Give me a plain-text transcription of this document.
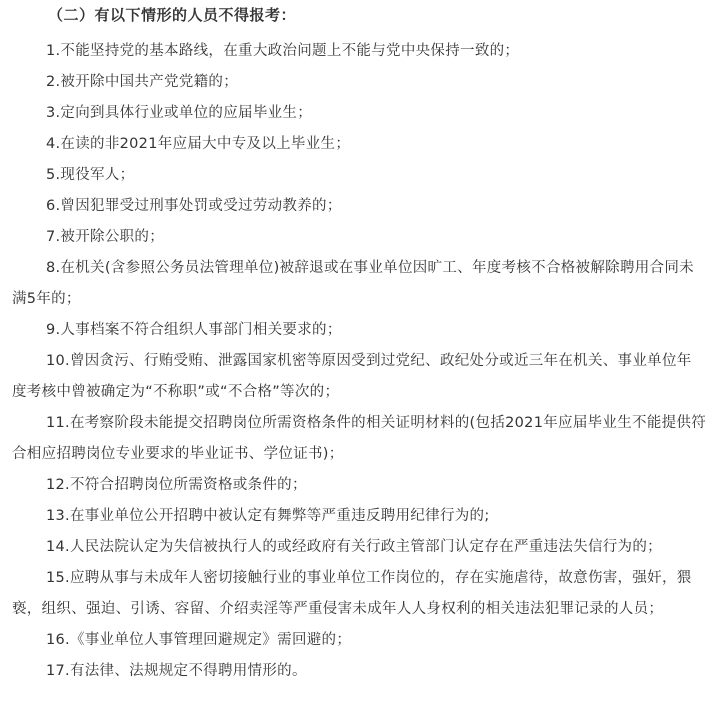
（二）有以下情形的人员不得报考：

1.不能坚持党的基本路线，在重大政治问题上不能与党中央保持一致的；

2.被开除中国共产党党籍的；

3.定向到具体行业或单位的应届毕业生；

4.在读的非2021年应届大中专及以上毕业生；

5.现役军人；

6.曾因犯罪受过刑事处罚或受过劳动教养的；

7.被开除公职的；

8.在机关(含参照公务员法管理单位)被辞退或在事业单位因旷工、年度考核不合格被解除聘用合同未满5年的；

9.人事档案不符合组织人事部门相关要求的；

10.曾因贪污、行贿受贿、泄露国家机密等原因受到过党纪、政纪处分或近三年在机关、事业单位年度考核中曾被确定为“不称职”或“不合格”等次的；

11.在考察阶段未能提交招聘岗位所需资格条件的相关证明材料的(包括2021年应届毕业生不能提供符合相应招聘岗位专业要求的毕业证书、学位证书)；

12.不符合招聘岗位所需资格或条件的；

13.在事业单位公开招聘中被认定有舞弊等严重违反聘用纪律行为的;

14.人民法院认定为失信被执行人的或经政府有关行政主管部门认定存在严重违法失信行为的；

15.应聘从事与未成年人密切接触行业的事业单位工作岗位的，存在实施虐待，故意伤害，强奸，猥亵，组织、强迫、引诱、容留、介绍卖淫等严重侵害未成年人人身权利的相关违法犯罪记录的人员；

16.《事业单位人事管理回避规定》需回避的；

17.有法律、法规规定不得聘用情形的。
